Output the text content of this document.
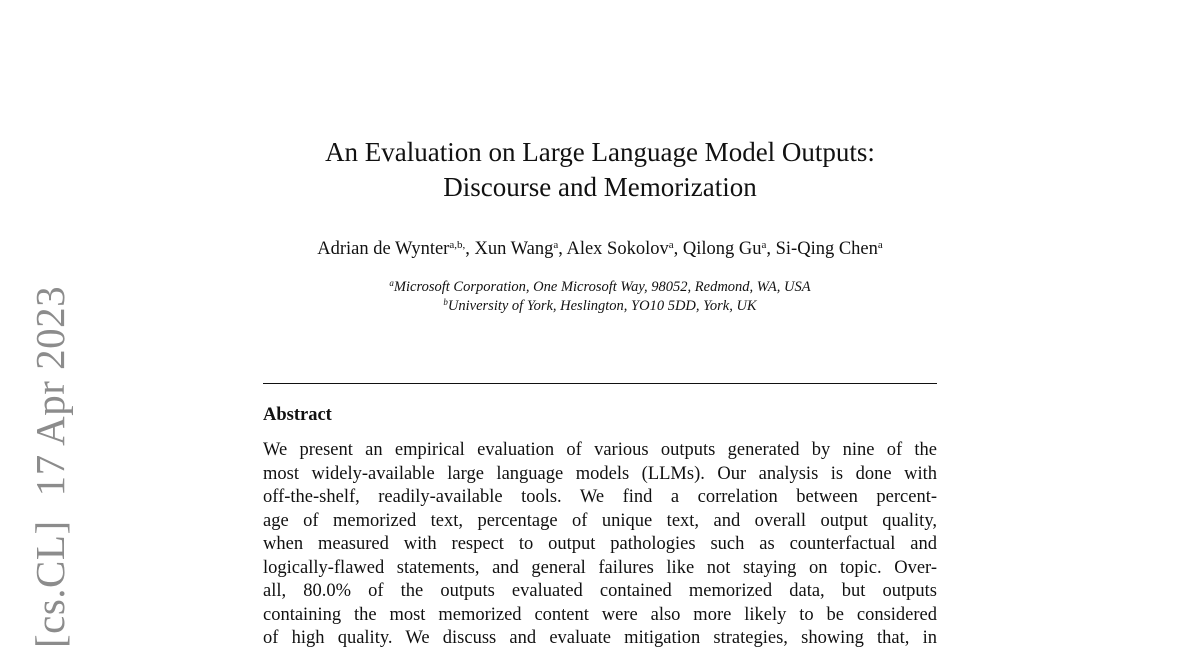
[cs.CL]17 Apr 2023
An Evaluation on Large Language Model Outputs:
Discourse and Memorization
Adrian de Wynter$^{a,b,}$, Xun Wang$^a$, Alex Sokolov$^a$, Qilong Gu$^a$, Si-Qing Chen$^a$
$^a$Microsoft Corporation, One Microsoft Way, 98052, Redmond, WA, USA
$^b$University of York, Heslington, YO10 5DD, York, UK
Abstract
We present an empirical evaluation of various outputs generated by nine of the
most widely-available large language models (LLMs). Our analysis is done with
off-the-shelf, readily-available tools. We find a correlation between percent-
age of memorized text, percentage of unique text, and overall output quality,
when measured with respect to output pathologies such as counterfactual and
logically-flawed statements, and general failures like not staying on topic. Over-
all, 80.0% of the outputs evaluated contained memorized data, but outputs
containing the most memorized content were also more likely to be considered
of high quality. We discuss and evaluate mitigation strategies, showing that, in
